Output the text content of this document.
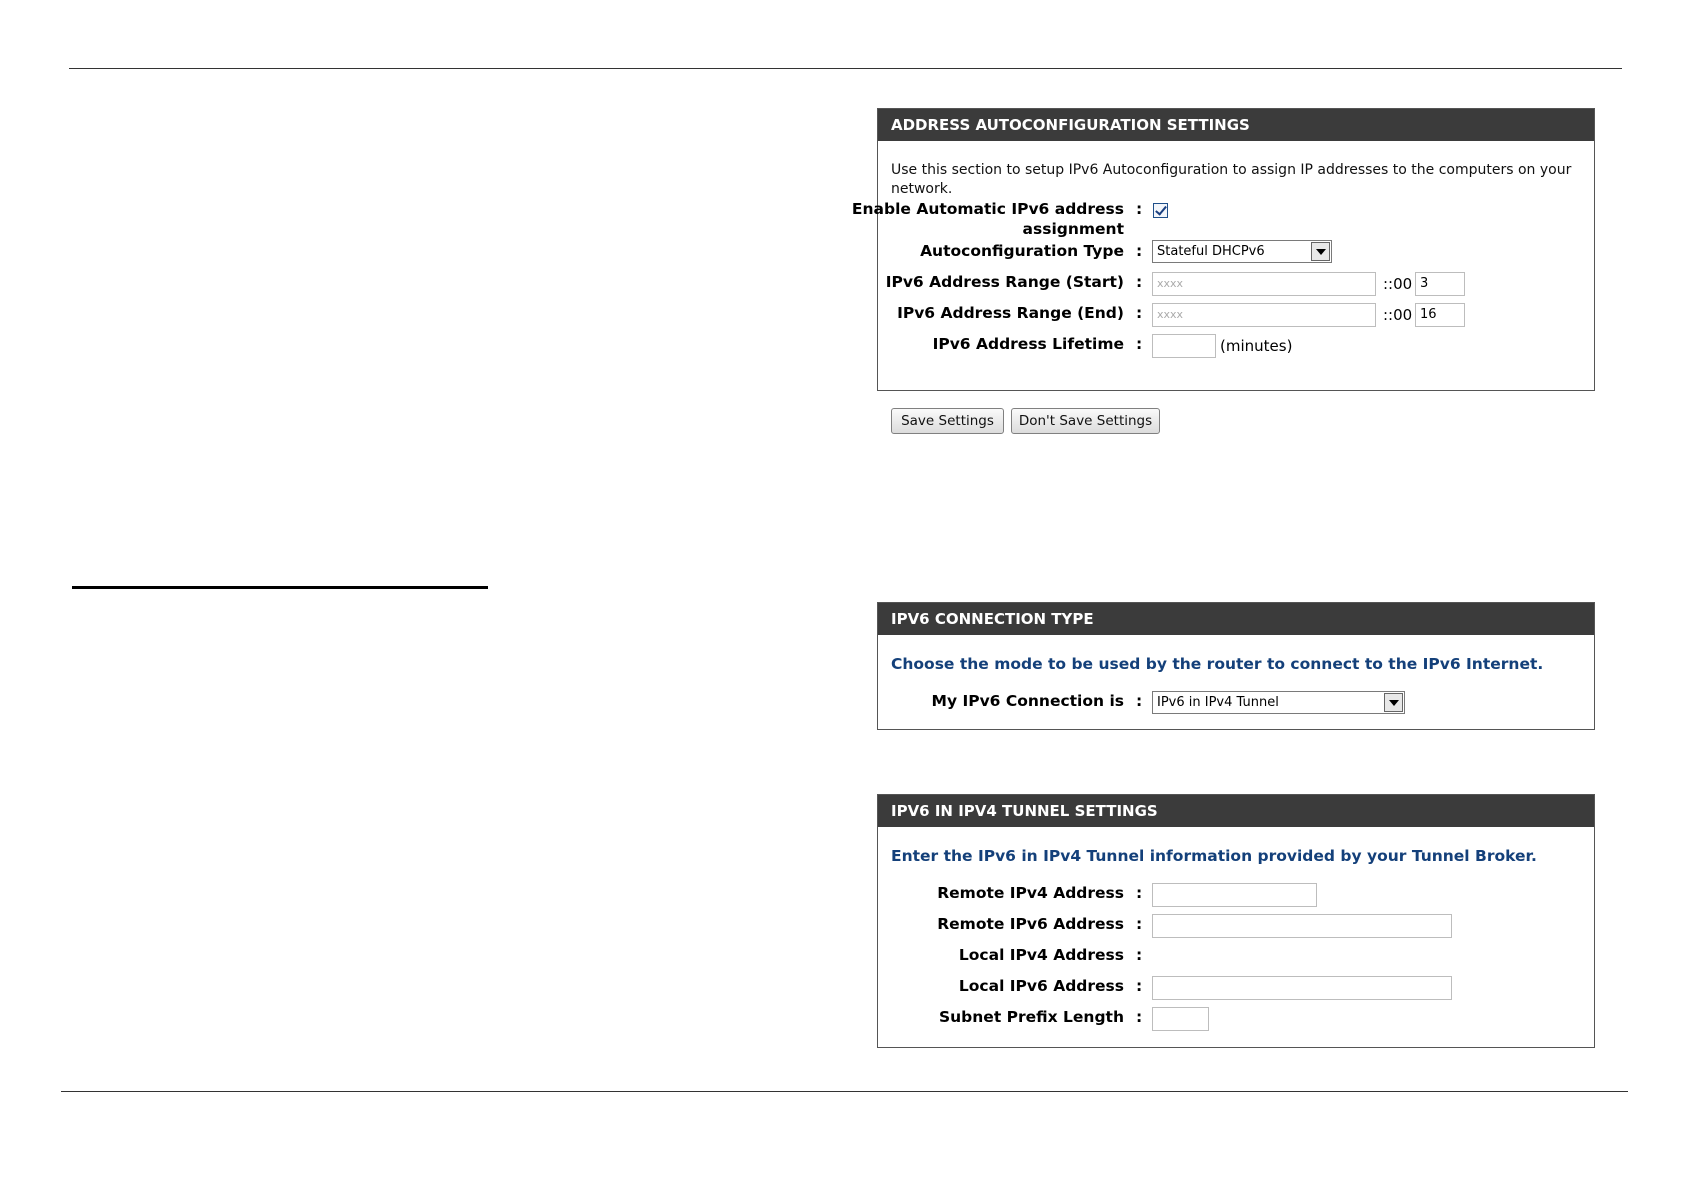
ADDRESS AUTOCONFIGURATION SETTINGS
Use this section to setup IPv6 Autoconfiguration to assign IP addresses to the computers on your network.
Enable Automatic IPv6 address
assignment
:
Autoconfiguration Type :	Stateful DHCPv6
IPv6 Address Range (Start) :	xxxx	::00 3
IPv6 Address Range (End) :	xxxx	::00 16
IPv6 Address Lifetime :	(minutes)
Save Settings	Don't Save Settings
IPV6 CONNECTION TYPE
Choose the mode to be used by the router to connect to the IPv6 Internet.
My IPv6 Connection is :	IPv6 in IPv4 Tunnel
IPV6 IN IPV4 TUNNEL SETTINGS
Enter the IPv6 in IPv4 Tunnel information provided by your Tunnel Broker.
Remote IPv4 Address :
Remote IPv6 Address :
Local IPv4 Address :
Local IPv6 Address :
Subnet Prefix Length :
